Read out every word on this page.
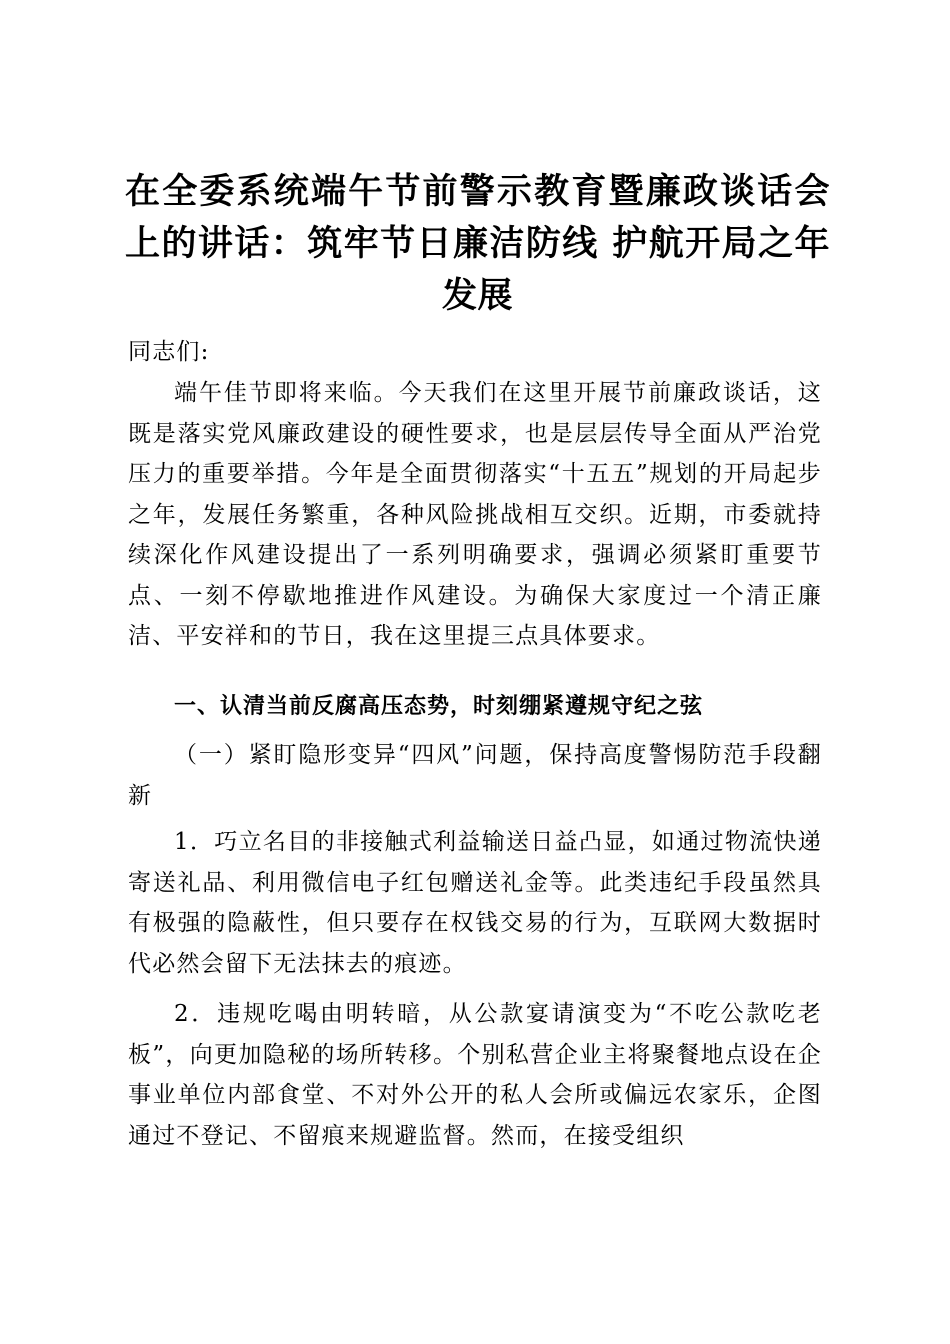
在全委系统端午节前警示教育暨廉政谈话会上的讲话：筑牢节日廉洁防线 护航开局之年发展

同志们:

端午佳节即将来临。今天我们在这里开展节前廉政谈话，这既是落实党风廉政建设的硬性要求，也是层层传导全面从严治党压力的重要举措。今年是全面贯彻落实“十五五”规划的开局起步之年，发展任务繁重，各种风险挑战相互交织。近期，市委就持续深化作风建设提出了一系列明确要求，强调必须紧盯重要节点、一刻不停歇地推进作风建设。为确保大家度过一个清正廉洁、平安祥和的节日，我在这里提三点具体要求。

一、认清当前反腐高压态势，时刻绷紧遵规守纪之弦

（一）紧盯隐形变异“四风”问题，保持高度警惕防范手段翻新

1．巧立名目的非接触式利益输送日益凸显，如通过物流快递寄送礼品、利用微信电子红包赠送礼金等。此类违纪手段虽然具有极强的隐蔽性，但只要存在权钱交易的行为，互联网大数据时代必然会留下无法抹去的痕迹。

2．违规吃喝由明转暗，从公款宴请演变为“不吃公款吃老板”，向更加隐秘的场所转移。个别私营企业主将聚餐地点设在企事业单位内部食堂、不对外公开的私人会所或偏远农家乐，企图通过不登记、不留痕来规避监督。然而，在接受组织
